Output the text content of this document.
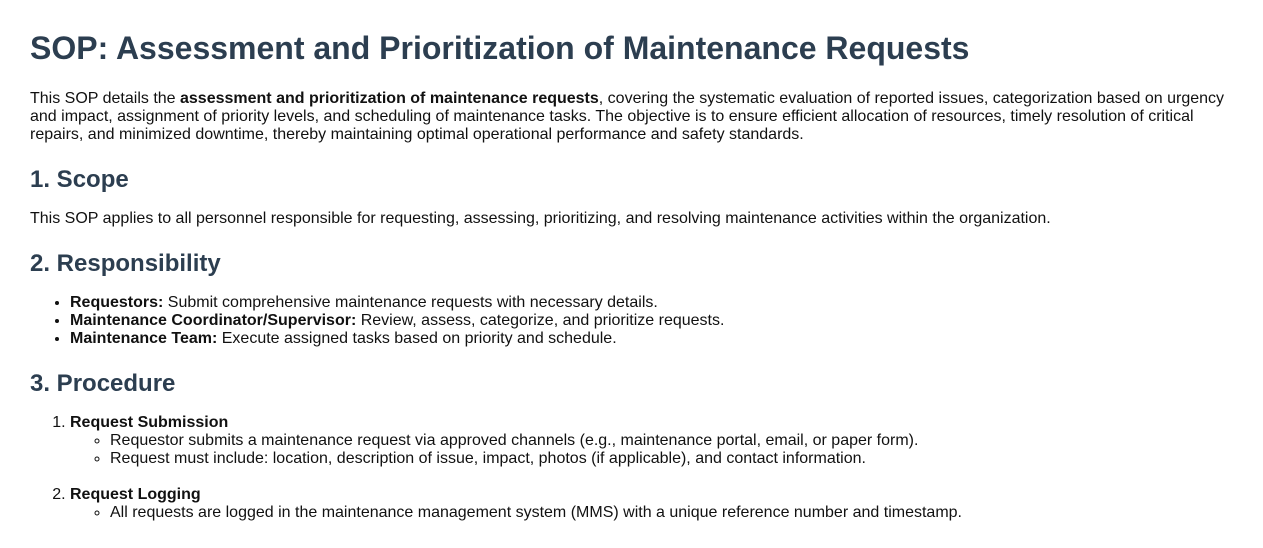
SOP: Assessment and Prioritization of Maintenance Requests

This SOP details the assessment and prioritization of maintenance requests, covering the systematic evaluation of reported issues, categorization based on urgency and impact, assignment of priority levels, and scheduling of maintenance tasks. The objective is to ensure efficient allocation of resources, timely resolution of critical repairs, and minimized downtime, thereby maintaining optimal operational performance and safety standards.

1. Scope

This SOP applies to all personnel responsible for requesting, assessing, prioritizing, and resolving maintenance activities within the organization.

2. Responsibility
• Requestors: Submit comprehensive maintenance requests with necessary details.
• Maintenance Coordinator/Supervisor: Review, assess, categorize, and prioritize requests.
• Maintenance Team: Execute assigned tasks based on priority and schedule.
3. Procedure
1. Request Submission
◦ Requestor submits a maintenance request via approved channels (e.g., maintenance portal, email, or paper form).
◦ Request must include: location, description of issue, impact, photos (if applicable), and contact information.
2. Request Logging
◦ All requests are logged in the maintenance management system (MMS) with a unique reference number and timestamp.
